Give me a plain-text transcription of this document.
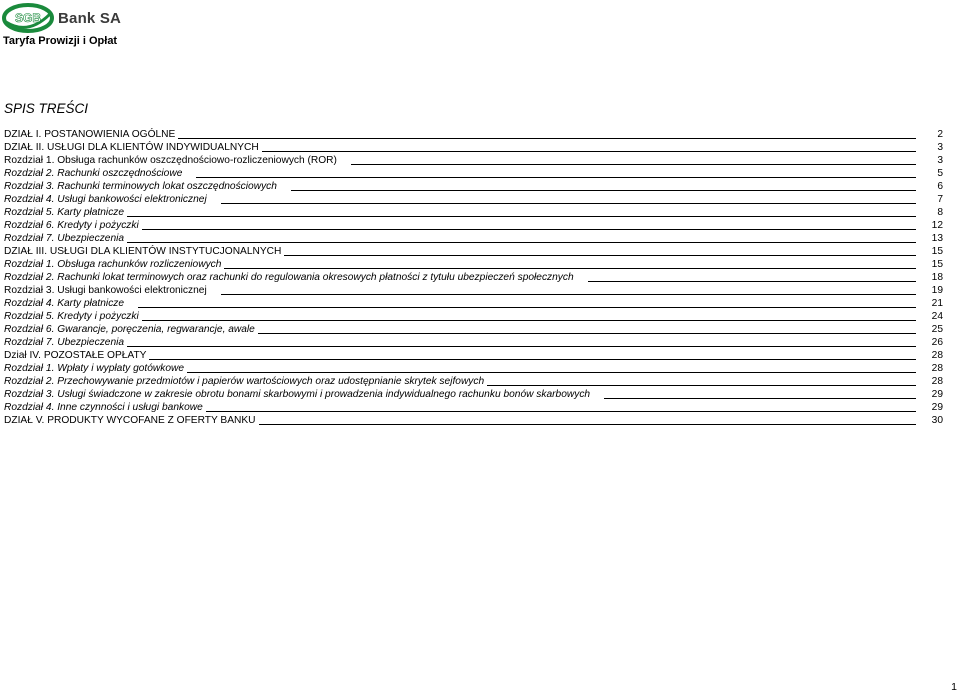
SGB Bank SA
Taryfa Prowizji i Opłat
SPIS TREŚCI
DZIAŁ I. POSTANOWIENIA OGÓLNE	2
DZIAŁ II. USŁUGI DLA KLIENTÓW INDYWIDUALNYCH	3
Rozdział 1. Obsługa rachunków oszczędnościowo-rozliczeniowych (ROR)	3
Rozdział 2. Rachunki oszczędnościowe	5
Rozdział 3. Rachunki terminowych lokat oszczędnościowych	6
Rozdział 4. Usługi bankowości elektronicznej	7
Rozdział 5. Karty płatnicze	8
Rozdział 6. Kredyty i pożyczki	12
Rozdział 7. Ubezpieczenia	13
DZIAŁ III. USŁUGI DLA KLIENTÓW INSTYTUCJONALNYCH	15
Rozdział 1. Obsługa rachunków rozliczeniowych	15
Rozdział 2. Rachunki lokat terminowych oraz rachunki do regulowania okresowych płatności z tytułu ubezpieczeń społecznych	18
Rozdział 3. Usługi bankowości elektronicznej	19
Rozdział 4. Karty płatnicze	21
Rozdział 5. Kredyty i pożyczki	24
Rozdział 6. Gwarancje, poręczenia, regwarancje, awale	25
Rozdział 7. Ubezpieczenia	26
Dział IV. POZOSTAŁE OPŁATY	28
Rozdział 1. Wpłaty i wypłaty gotówkowe	28
Rozdział 2. Przechowywanie przedmiotów i papierów wartościowych oraz udostępnianie skrytek sejfowych	28
Rozdział 3. Usługi świadczone w zakresie obrotu bonami skarbowymi i prowadzenia indywidualnego rachunku bonów skarbowych	29
Rozdział 4. Inne czynności i usługi bankowe	29
DZIAŁ V. PRODUKTY WYCOFANE Z OFERTY BANKU	30
1
